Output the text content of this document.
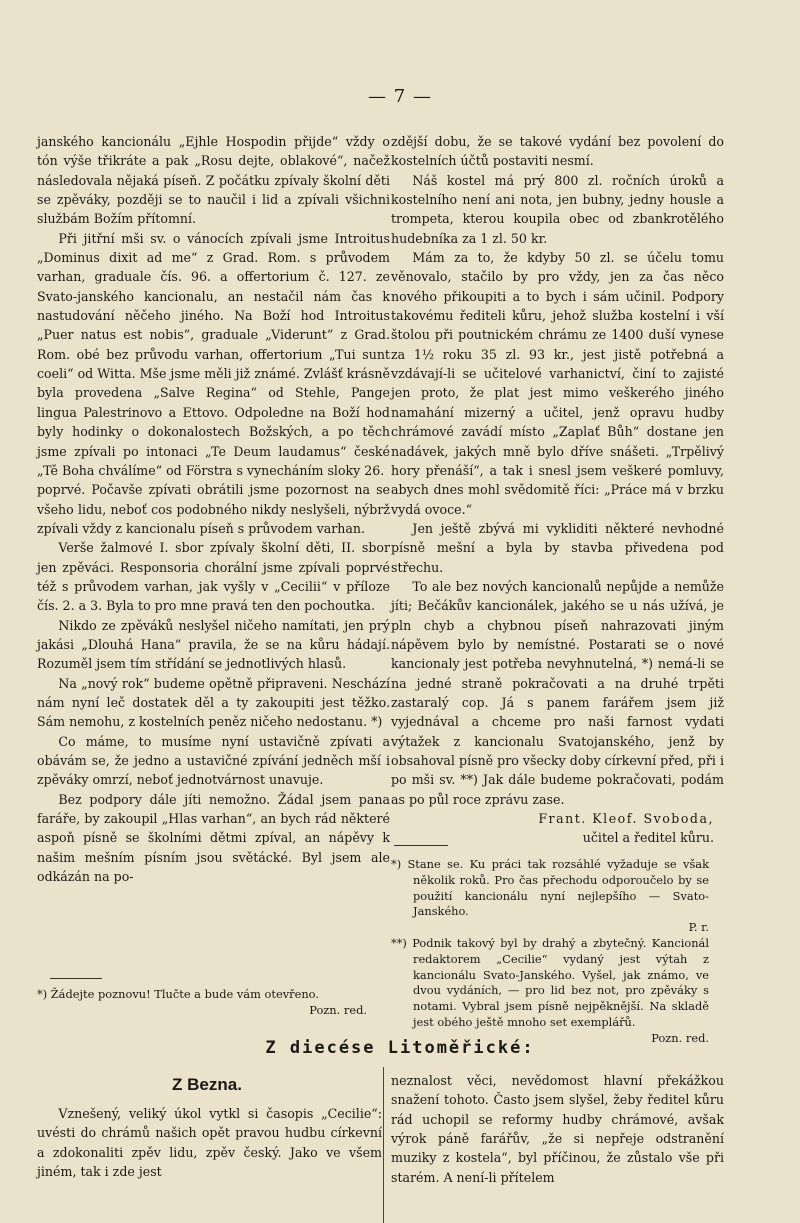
— 7 —

janského kancionálu „Ejhle Hospodin přijde“ vždy o tón výše třikráte a pak „Rosu dejte, oblakové“, načež následovala nějaká píseň. Z počátku zpívaly školní děti se zpěváky, později se to naučil i lid a zpívali všichni službám Božím přítomní.

Při jitřní mši sv. o vánocích zpívali jsme Introitus „Dominus dixit ad me“ z Grad. Rom. s průvodem varhan, graduale čís. 96. a offertorium č. 127. ze Svato-janského kancionalu, an nestačil nám čas k nastudování něčeho jiného. Na Boží hod Introitus „Puer natus est nobis“, graduale „Viderunt“ z Grad. Rom. obé bez průvodu varhan, offertorium „Tui sunt coeli“ od Witta. Mše jsme měli již známé. Zvlášť krásně byla provedena „Salve Regina“ od Stehle, Pange lingua Palestrinovo a Ettovo. Odpoledne na Boží hod byly hodinky o dokonalostech Božských, a po těch jsme zpívali po intonaci „Te Deum laudamus“ české „Tě Boha chválíme“ od Förstra s vynecháním sloky 26.

poprvé. Počavše zpívati obrátili jsme pozornost na se všeho lidu, neboť cos podobného nikdy neslyšeli, nýbrž zpívali vždy z kancionalu píseň s průvodem varhan.

Verše žalmové I. sbor zpívaly školní děti, II. sbor jen zpěváci. Responsoria chorální jsme zpívali poprvé též s průvodem varhan, jak vyšly v „Cecilii“ v příloze čís. 2. a 3. Byla to pro mne pravá ten den pochoutka.

Nikdo ze zpěváků neslyšel ničeho namítati, jen prý jakási „Dlouhá Hana“ pravila, že se na kůru hádají. Rozuměl jsem tím střídání se jednotlivých hlasů.

Na „nový rok“ budeme opětně připraveni. Neschází nám nyní leč dostatek děl a ty zakoupiti jest těžko. Sám nemohu, z kostelních peněz ničeho nedostanu. *)

Co máme, to musíme nyní ustavičně zpívati a obávám se, že jedno a ustavičné zpívání jedněch mší i zpěváky omrzí, neboť jednotvárnost unavuje.

Bez podpory dále jíti nemožno. Žádal jsem pana faráře, by zakoupil „Hlas varhan“, an bych rád některé aspoň písně se školními dětmi zpíval, an nápěvy k našim mešním písním jsou světácké. Byl jsem ale odkázán na po-

*) Žádejte poznovu! Tlučte a bude vám otevřeno.
Pozn. red.

zdější dobu, že se takové vydání bez povolení do kostelních účtů postaviti nesmí.

Náš kostel má prý 800 zl. ročních úroků a kostelního není ani nota, jen bubny, jedny housle a trompeta, kterou koupila obec od zbankrotělého hudebníka za 1 zl. 50 kr.

Mám za to, že kdyby 50 zl. se účelu tomu věnovalo, stačilo by pro vždy, jen za čas něco nového přikoupiti a to bych i sám učinil. Podpory takovému řediteli kůru, jehož služba kostelní i vší štolou při poutnickém chrámu ze 1400 duší vynese za 1½ roku 35 zl. 93 kr., jest jistě potřebná a vzdávají-li se učitelové varhanictví, činí to zajisté jen proto, že plat jest mimo veškerého jiného namahání mizerný a učitel, jenž opravu hudby chrámové zavádí místo „Zaplať Bůh“ dostane jen nadávek, jakých mně bylo dříve snášeti. „Trpělivý hory přenáší“, a tak i snesl jsem veškeré pomluvy, abych dnes mohl svědomitě říci: „Práce má v brzku vydá ovoce.“

Jen ještě zbývá mi vykliditi některé nevhodné písně mešní a byla by stavba přivedena pod střechu.

To ale bez nových kancionalů nepůjde a nemůže jíti; Bečákův kancionálek, jakého se u nás užívá, je pln chyb a chybnou píseň nahrazovati jiným nápěvem bylo by nemístné. Postarati se o nové kancionaly jest potřeba nevyhnutelná, *) nemá-li se na jedné straně pokračovati a na druhé trpěti zastaralý cop. Já s panem farářem jsem již vyjednával a chceme pro naši farnost vydati výtažek z kancionalu Svatojanského, jenž by obsahoval písně pro všecky doby církevní před, při i po mši sv. **) Jak dále budeme pokračovati, podám as po půl roce zprávu zase.

Frant. Kleof. Svoboda,
učitel a ředitel kůru.

*) Stane se. Ku práci tak rozsáhlé vyžaduje se však několik roků. Pro čas přechodu odporoučelo by se použití kancionálu nyní nejlepšího — Svato-Janského.

P. r.

**) Podnik takový byl by drahý a zbytečný. Kancionál redaktorem „Cecilie“ vydaný jest výtah z kancionálu Svato-Janského. Vyšel, jak známo, ve dvou vydáních, — pro lid bez not, pro zpěváky s notami. Vybral jsem písně nejpěknější. Na skladě jest obého ještě mnoho set exemplářů.

Pozn. red.

Z diecése Litoměřické:
Z Bezna.

Vznešený, veliký úkol vytkl si časopis „Cecilie“: uvésti do chrámů našich opět pravou hudbu církevní a zdokonaliti zpěv lidu, zpěv český. Jako ve všem jiném, tak i zde jest

neznalost věci, nevědomost hlavní překážkou snažení tohoto. Často jsem slyšel, žeby ředitel kůru rád uchopil se reformy hudby chrámové, avšak výrok páně farářův, „že si nepřeje odstranění muziky z kostela“, byl příčinou, že zůstalo vše při starém. A není-li přítelem
